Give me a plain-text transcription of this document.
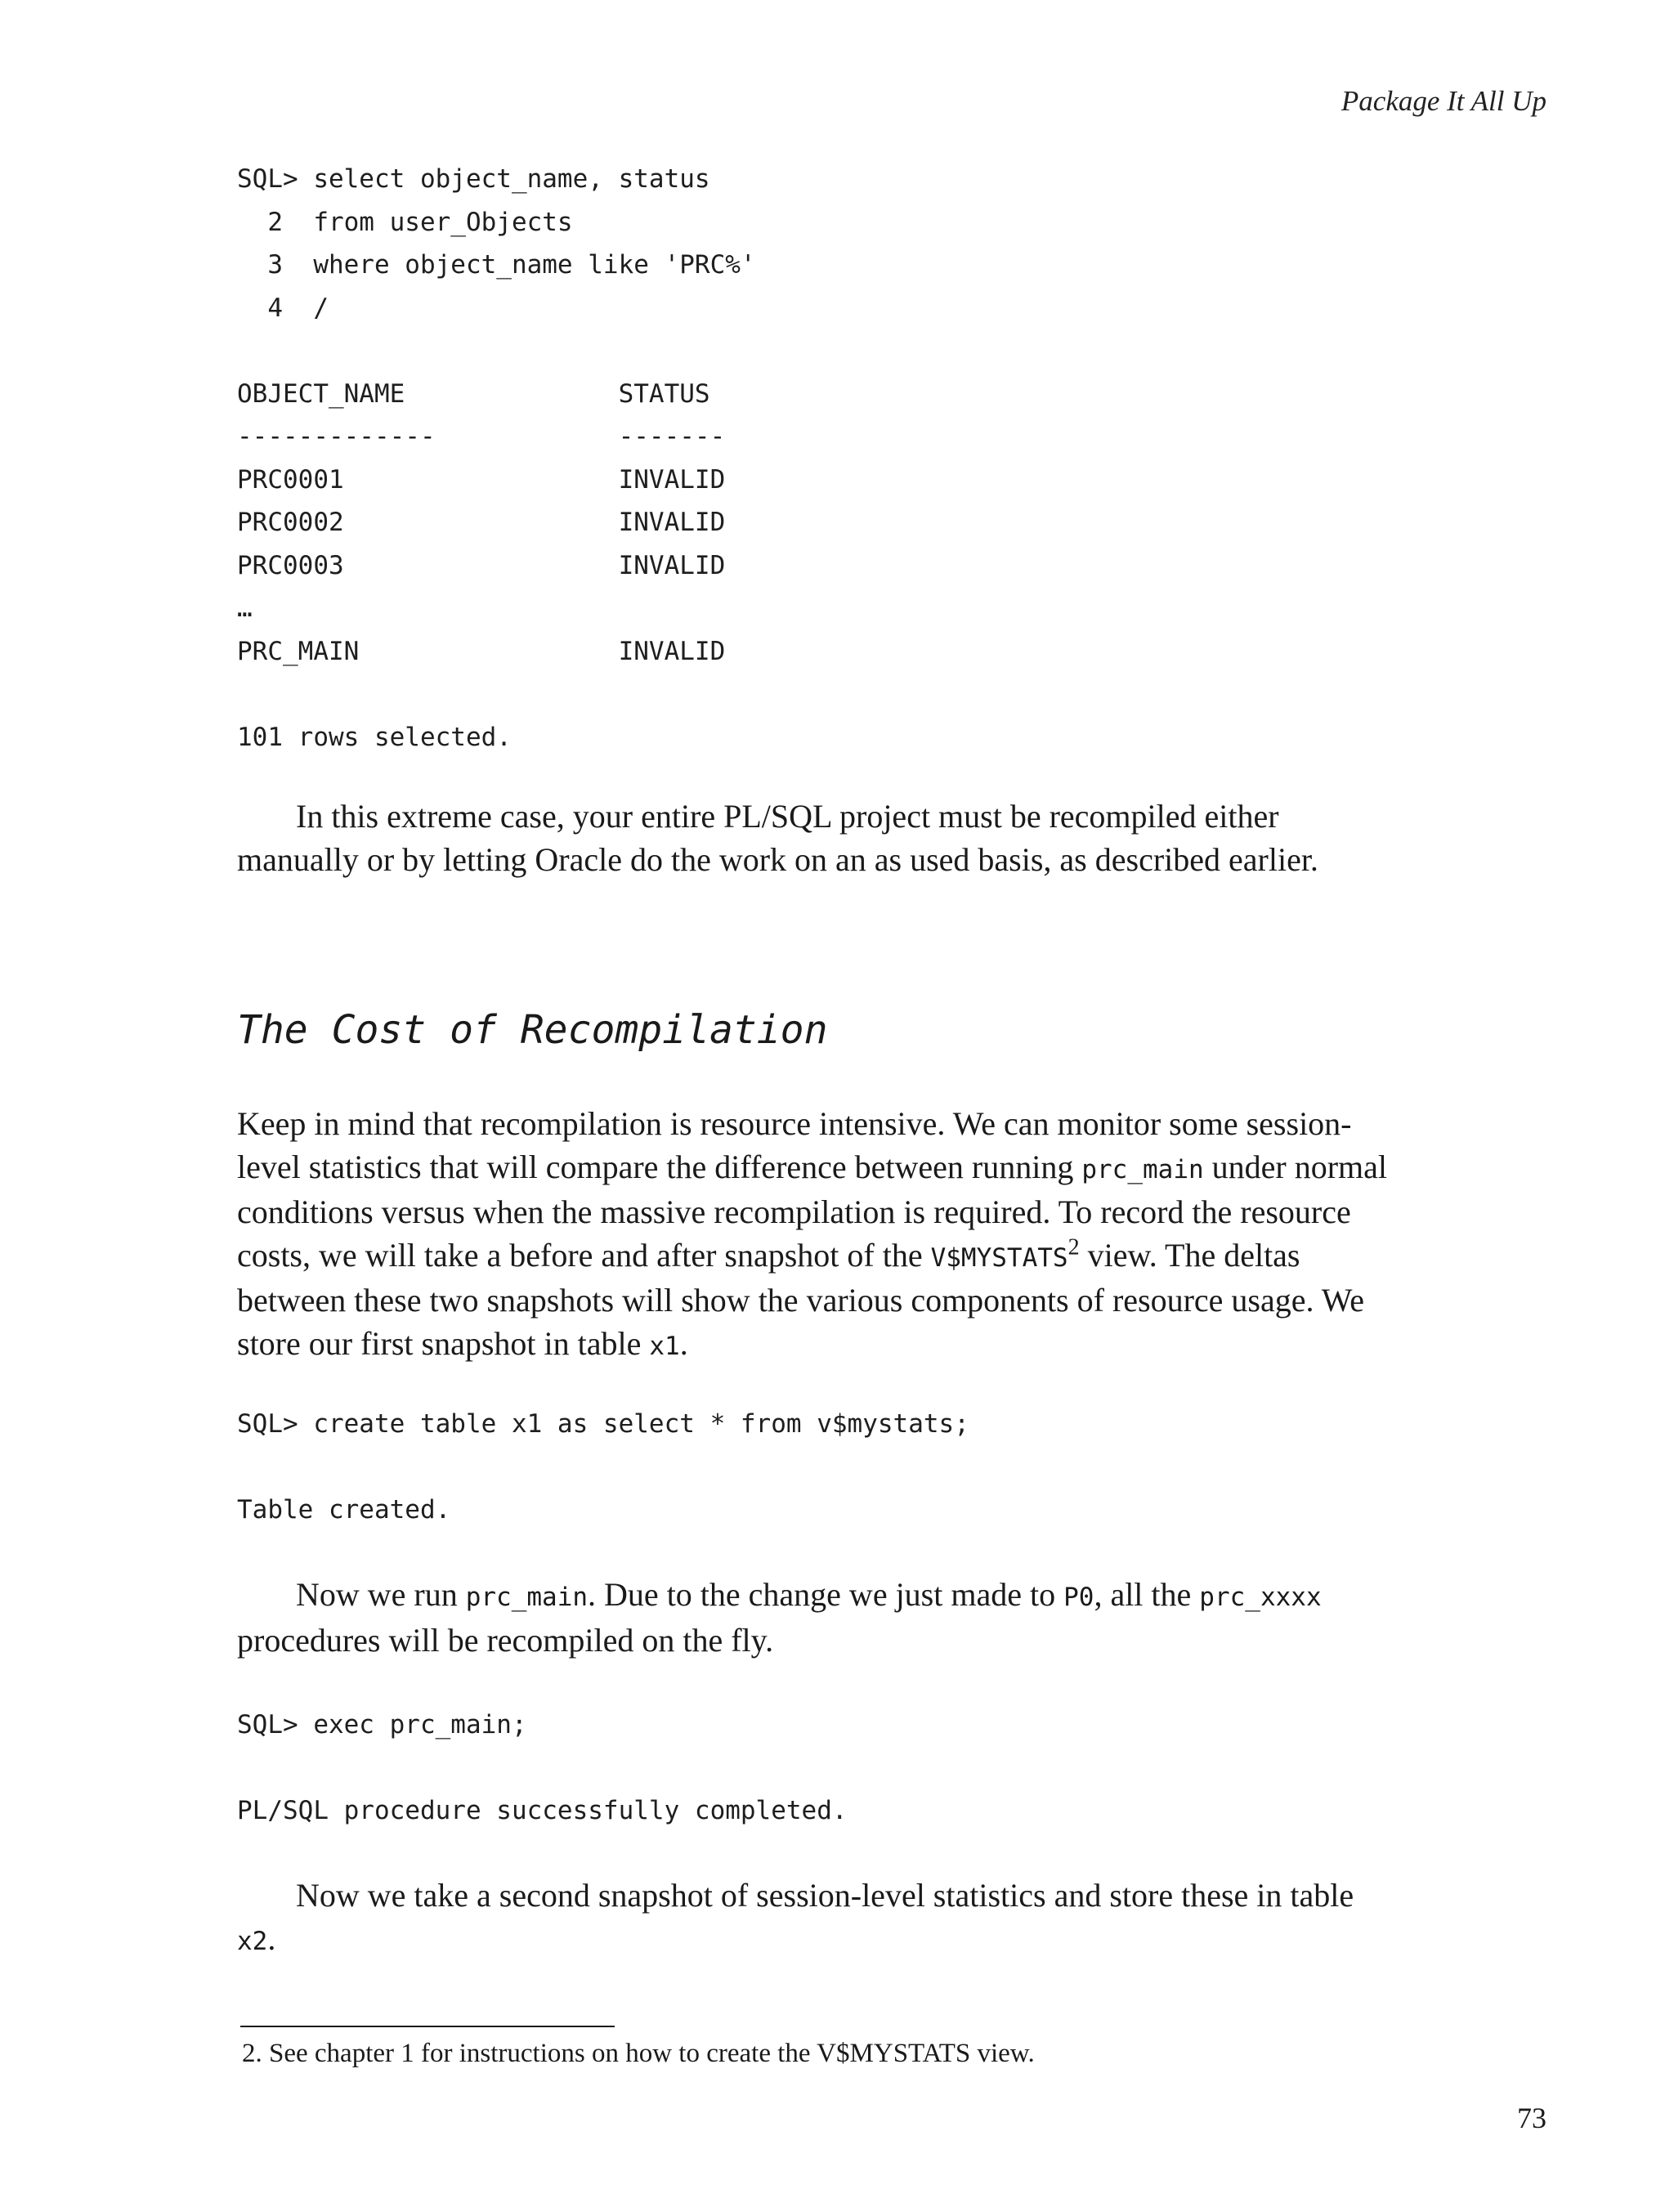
Package It All Up
SQL> select object_name, status
2  from user_Objects
3  where object_name like 'PRC%'
4  /

OBJECT_NAME              STATUS
-------------            -------
PRC0001                  INVALID
PRC0002                  INVALID
PRC0003                  INVALID
…
PRC_MAIN                 INVALID

101 rows selected.

In this extreme case, your entire PL/SQL project must be recompiled either manually or by letting Oracle do the work on an as used basis, as described earlier.

The Cost of Recompilation

Keep in mind that recompilation is resource intensive. We can monitor some session-level statistics that will compare the difference between running prc_main under normal conditions versus when the massive recompilation is required. To record the resource costs, we will take a before and after snapshot of the V$MYSTATS$^2$ view. The deltas between these two snapshots will show the various components of resource usage. We store our first snapshot in table x1.

SQL> create table x1 as select * from v$mystats;

Table created.

Now we run prc_main. Due to the change we just made to P0, all the prc_xxxx procedures will be recompiled on the fly.

SQL> exec prc_main;

PL/SQL procedure successfully completed.

Now we take a second snapshot of session-level statistics and store these in table x2.

2. See chapter 1 for instructions on how to create the V$MYSTATS view.
73
